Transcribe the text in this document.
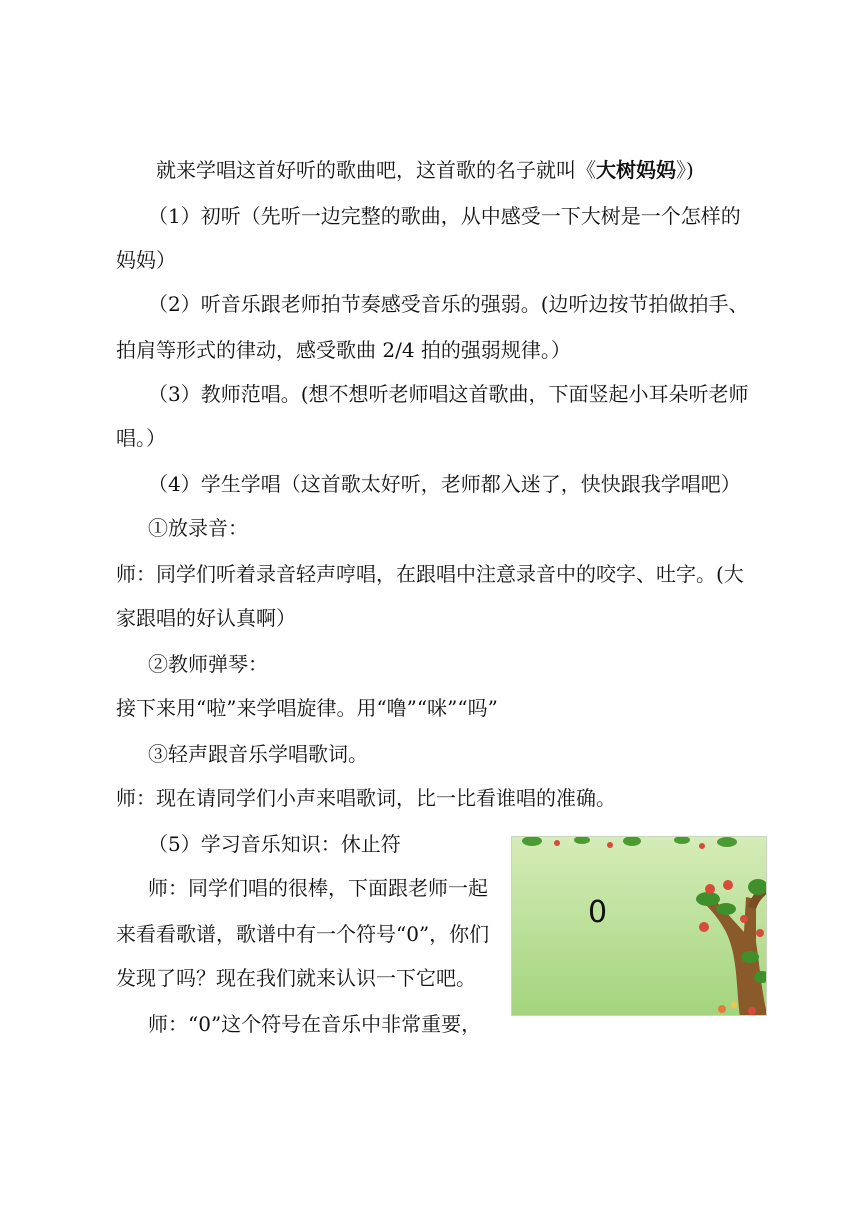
就来学唱这首好听的歌曲吧，这首歌的名子就叫《大树妈妈》)
（1）初听（先听一边完整的歌曲，从中感受一下大树是一个怎样的
妈妈）
（2）听音乐跟老师拍节奏感受音乐的强弱。(边听边按节拍做拍手、
拍肩等形式的律动，感受歌曲 2/4 拍的强弱规律。）
（3）教师范唱。(想不想听老师唱这首歌曲，下面竖起小耳朵听老师
唱。）
（4）学生学唱（这首歌太好听，老师都入迷了，快快跟我学唱吧）
①放录音：
师：同学们听着录音轻声哼唱，在跟唱中注意录音中的咬字、吐字。(大
家跟唱的好认真啊）
②教师弹琴：
接下来用“啦”来学唱旋律。用“噜”“咪”“吗”
③轻声跟音乐学唱歌词。
师：现在请同学们小声来唱歌词，比一比看谁唱的准确。
（5）学习音乐知识：休止符
师：同学们唱的很棒，下面跟老师一起
来看看歌谱，歌谱中有一个符号“0”，你们
发现了吗？现在我们就来认识一下它吧。
师：“0”这个符号在音乐中非常重要，
0
